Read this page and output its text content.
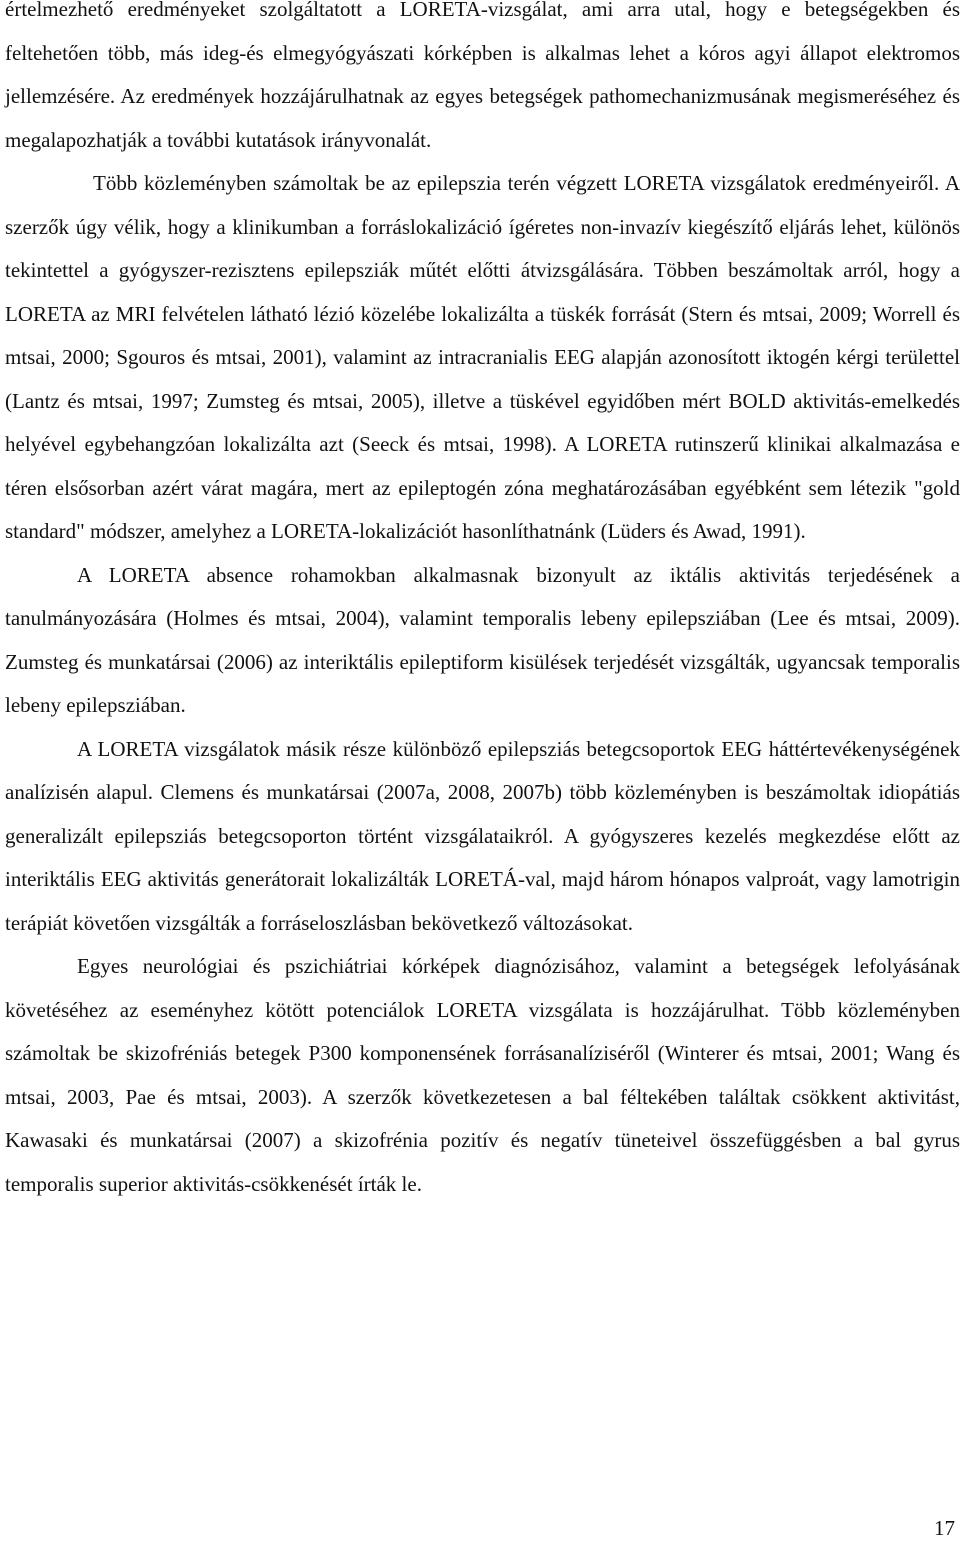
értelmezhető eredményeket szolgáltatott a LORETA-vizsgálat, ami arra utal, hogy e betegségekben és feltehetően több, más ideg-és elmegyógyászati kórképben is alkalmas lehet a kóros agyi állapot elektromos jellemzésére. Az eredmények hozzájárulhatnak az egyes betegségek pathomechanizmusának megismeréséhez és megalapozhatják a további kutatások irányvonalát.

Több közleményben számoltak be az epilepszia terén végzett LORETA vizsgálatok eredményeiről. A szerzők úgy vélik, hogy a klinikumban a forráslokalizáció ígéretes non-invazív kiegészítő eljárás lehet, különös tekintettel a gyógyszer-rezisztens epilepsziák műtét előtti átvizsgálására. Többen beszámoltak arról, hogy a LORETA az MRI felvételen látható lézió közelébe lokalizálta a tüskék forrását (Stern és mtsai, 2009; Worrell és mtsai, 2000; Sgouros és mtsai, 2001), valamint az intracranialis EEG alapján azonosított iktogén kérgi területtel (Lantz és mtsai, 1997; Zumsteg és mtsai, 2005), illetve a tüskével egyidőben mért BOLD aktivitás-emelkedés helyével egybehangzóan lokalizálta azt (Seeck és mtsai, 1998). A LORETA rutinszerű klinikai alkalmazása e téren elsősorban azért várat magára, mert az epileptogén zóna meghatározásában egyébként sem létezik "gold standard" módszer, amelyhez a LORETA-lokalizációt hasonlíthatnánk (Lüders és Awad, 1991).

A LORETA absence rohamokban alkalmasnak bizonyult az iktális aktivitás terjedésének a tanulmányozására (Holmes és mtsai, 2004), valamint temporalis lebeny epilepsziában (Lee és mtsai, 2009). Zumsteg és munkatársai (2006) az interiktális epileptiform kisülések terjedését vizsgálták, ugyancsak temporalis lebeny epilepsziában.

A LORETA vizsgálatok másik része különböző epilepsziás betegcsoportok EEG háttértevékenységének analízisén alapul. Clemens és munkatársai (2007a, 2008, 2007b) több közleményben is beszámoltak idiopátiás generalizált epilepsziás betegcsoporton történt vizsgálataikról. A gyógyszeres kezelés megkezdése előtt az interiktális EEG aktivitás generátorait lokalizálták LORETÁ-val, majd három hónapos valproát, vagy lamotrigin terápiát követően vizsgálták a forráseloszlásban bekövetkező változásokat.

Egyes neurológiai és pszichiátriai kórképek diagnózisához, valamint a betegségek lefolyásának követéséhez az eseményhez kötött potenciálok LORETA vizsgálata is hozzájárulhat. Több közleményben számoltak be skizofréniás betegek P300 komponensének forrásanalíziséről (Winterer és mtsai, 2001; Wang és mtsai, 2003, Pae és mtsai, 2003). A szerzők következetesen a bal féltekében találtak csökkent aktivitást, Kawasaki és munkatársai (2007) a skizofrénia pozitív és negatív tüneteivel összefüggésben a bal gyrus temporalis superior aktivitás-csökkenését írták le.

17
